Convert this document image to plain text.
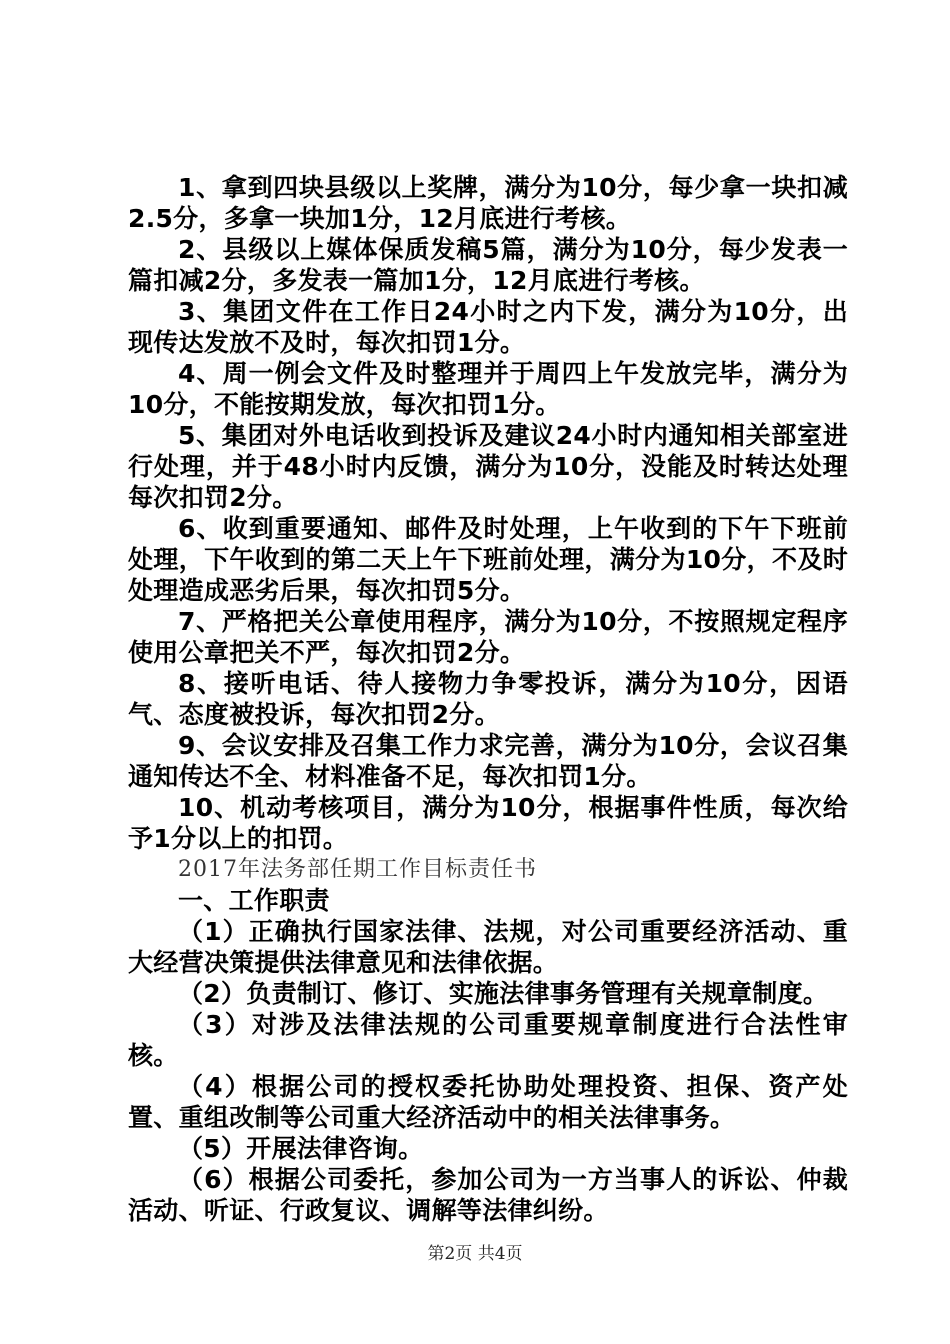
1、拿到四块县级以上奖牌，满分为10分，每少拿一块扣减2.5分，多拿一块加1分，12月底进行考核。

2、县级以上媒体保质发稿5篇，满分为10分，每少发表一篇扣减2分，多发表一篇加1分，12月底进行考核。

3、集团文件在工作日24小时之内下发，满分为10分，出现传达发放不及时，每次扣罚1分。

4、周一例会文件及时整理并于周四上午发放完毕，满分为10分，不能按期发放，每次扣罚1分。

5、集团对外电话收到投诉及建议24小时内通知相关部室进行处理，并于48小时内反馈，满分为10分，没能及时转达处理每次扣罚2分。

6、收到重要通知、邮件及时处理，上午收到的下午下班前处理，下午收到的第二天上午下班前处理，满分为10分，不及时处理造成恶劣后果，每次扣罚5分。

7、严格把关公章使用程序，满分为10分，不按照规定程序使用公章把关不严，每次扣罚2分。

8、接听电话、待人接物力争零投诉，满分为10分，因语气、态度被投诉，每次扣罚2分。

9、会议安排及召集工作力求完善，满分为10分，会议召集通知传达不全、材料准备不足，每次扣罚1分。

10、机动考核项目，满分为10分，根据事件性质，每次给予1分以上的扣罚。

2017年法务部任期工作目标责任书

一、工作职责

（1）正确执行国家法律、法规，对公司重要经济活动、重大经营决策提供法律意见和法律依据。

（2）负责制订、修订、实施法律事务管理有关规章制度。

（3）对涉及法律法规的公司重要规章制度进行合法性审核。

（4）根据公司的授权委托协助处理投资、担保、资产处置、重组改制等公司重大经济活动中的相关法律事务。

（5）开展法律咨询。

（6）根据公司委托，参加公司为一方当事人的诉讼、仲裁活动、听证、行政复议、调解等法律纠纷。

第2页 共4页
